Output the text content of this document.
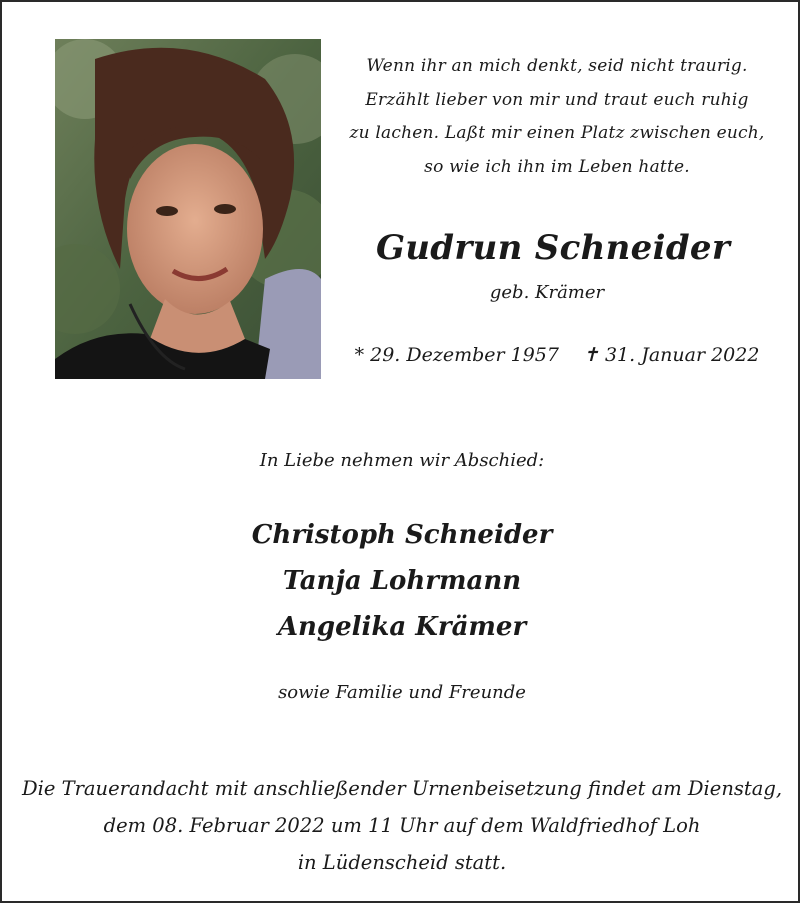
Wenn ihr an mich denkt, seid nicht traurig.
Erzählt lieber von mir und traut euch ruhig
zu lachen. Laßt mir einen Platz zwischen euch,
so wie ich ihn im Leben hatte.
Gudrun Schneider
geb. Krämer
* 29. Dezember 1957 ✝ 31. Januar 2022
In Liebe nehmen wir Abschied:
Christoph Schneider
Tanja Lohrmann
Angelika Krämer
sowie Familie und Freunde
Die Trauerandacht mit anschließender Urnenbeisetzung findet am Dienstag,
dem 08. Februar 2022 um 11 Uhr auf dem Waldfriedhof Loh
in Lüdenscheid statt.
